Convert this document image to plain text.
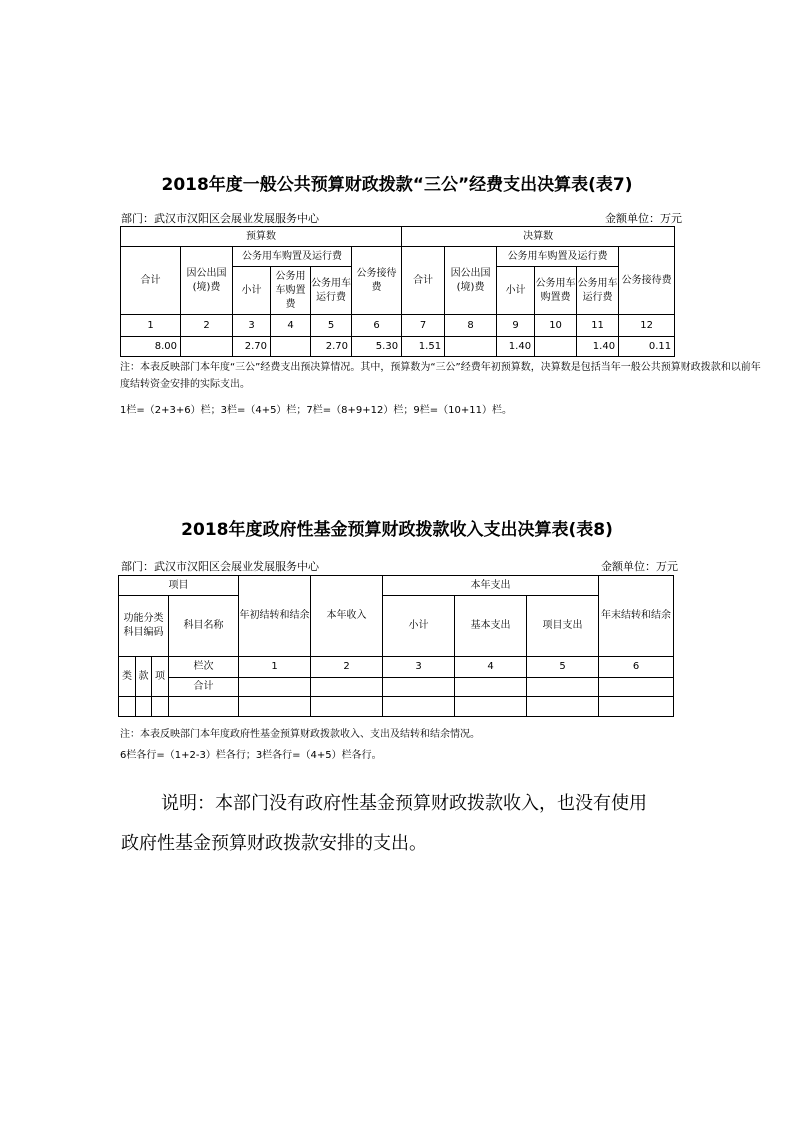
2018年度一般公共预算财政拨款“三公”经费支出决算表(表7)
部门：武汉市汉阳区会展业发展服务中心	金额单位：万元
预算数						决算数					
合计	因公出国(境)费	公务用车购置及运行费			公务接待费	合计	因公出国(境)费	公务用车购置及运行费			公务接待费
		小计	公务用车购置费	公务用车运行费				小计	公务用车购置费	公务用车运行费	
1	2	3	4	5	6	7	8	9	10	11	12
8.00		2.70		2.70	5.30	1.51		1.40		1.40	0.11
注：本表反映部门本年度“三公”经费支出预决算情况。其中，预算数为“三公”经费年初预算数，决算数是包括当年一般公共预算财政拨款和以前年
度结转资金安排的实际支出。
1栏=（2+3+6）栏；3栏=（4+5）栏；7栏=（8+9+12）栏；9栏=（10+11）栏。
2018年度政府性基金预算财政拨款收入支出决算表(表8)
部门：武汉市汉阳区会展业发展服务中心	金额单位：万元
项目				年初结转和结余	本年收入	本年支出			年末结转和结余
功能分类科目编码			科目名称			小计	基本支出	项目支出	

类	款	项	栏次	1	2	3	4	5	6
			合计						

注：本表反映部门本年度政府性基金预算财政拨款收入、支出及结转和结余情况。
6栏各行=（1+2-3）栏各行；3栏各行=（4+5）栏各行。
说明：本部门没有政府性基金预算财政拨款收入，也没有使用政府性基金预算财政拨款安排的支出。
